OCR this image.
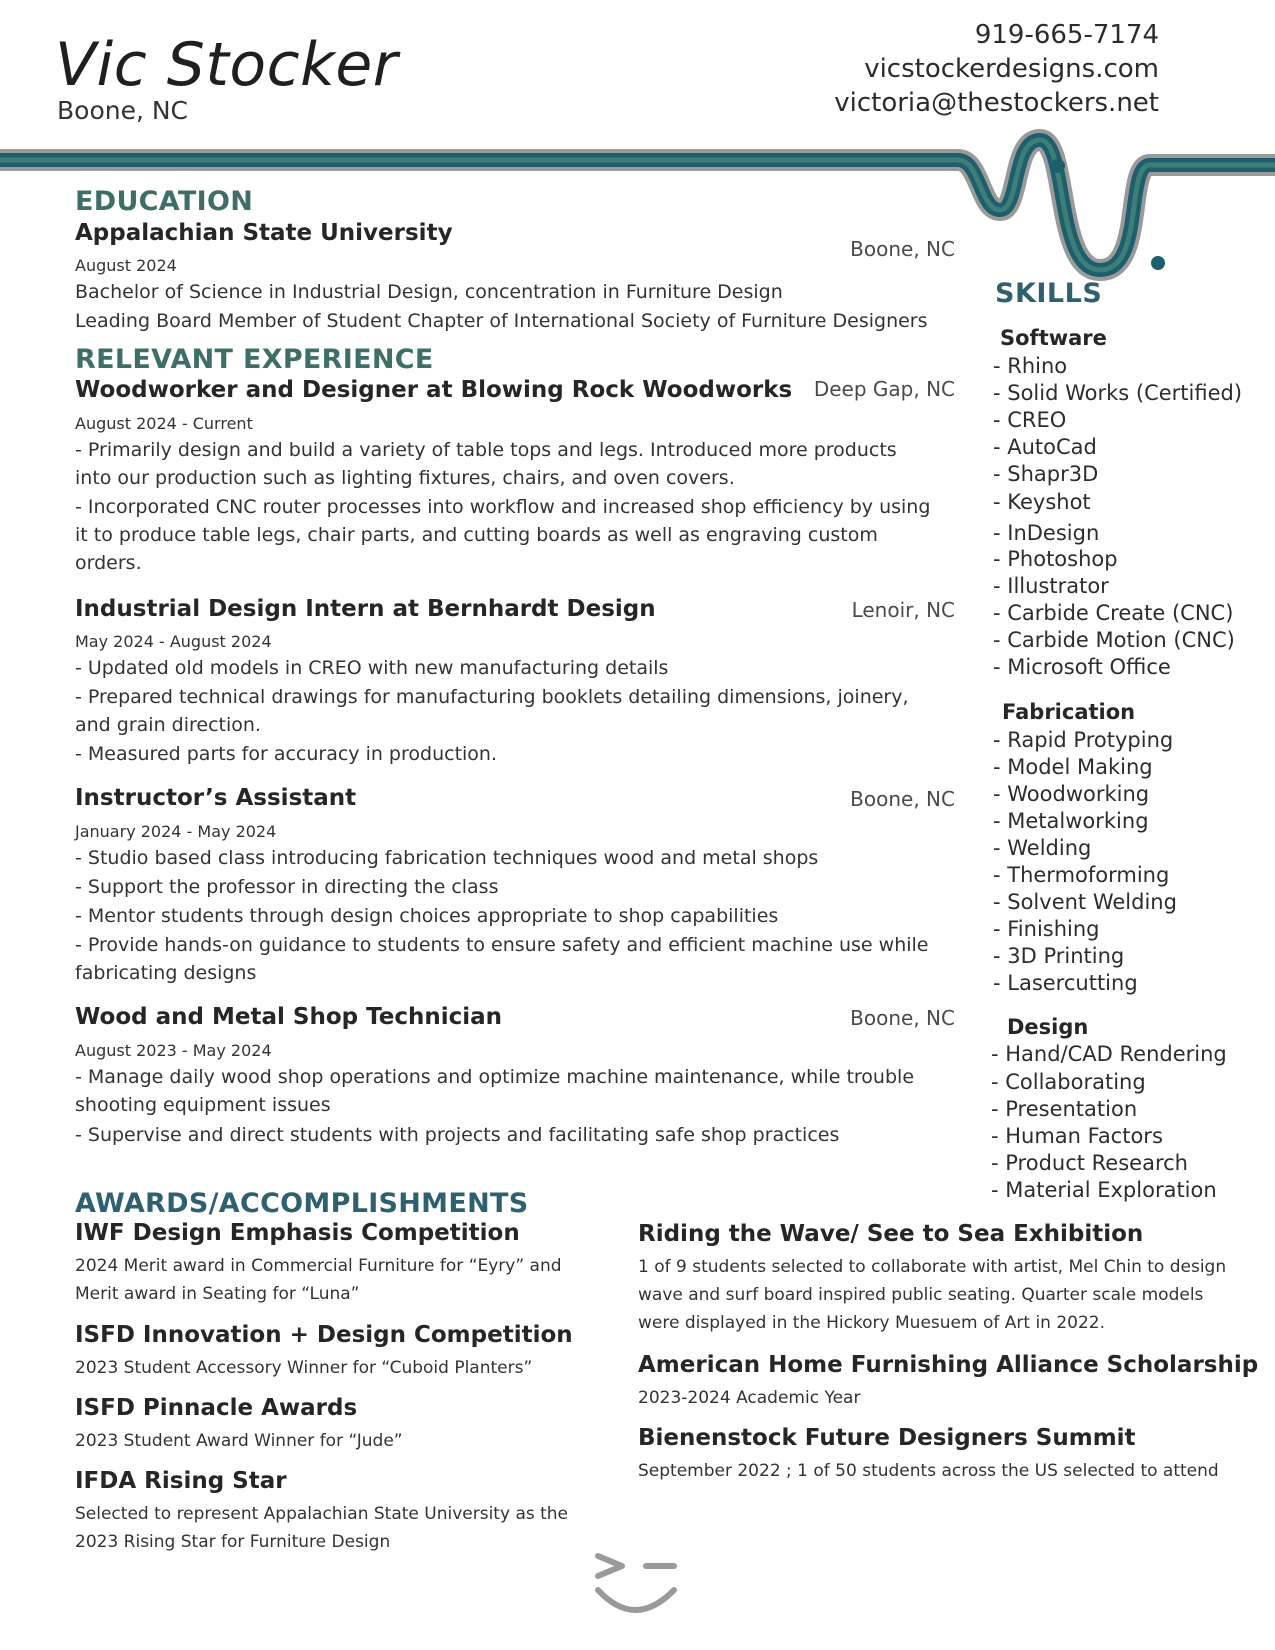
Vic Stocker
Boone, NC
919-665-7174
vicstockerdesigns.com
victoria@thestockers.net
EDUCATION
Appalachian State University
Boone, NC
August 2024
Bachelor of Science in Industrial Design, concentration in Furniture Design
Leading Board Member of Student Chapter of International Society of Furniture Designers
RELEVANT EXPERIENCE
Woodworker and Designer at Blowing Rock Woodworks Deep Gap, NC
August 2024 - Current
- Primarily design and build a variety of table tops and legs. Introduced more products into our production such as lighting fixtures, chairs, and oven covers.
- Incorporated CNC router processes into workflow and increased shop efficiency by using it to produce table legs, chair parts, and cutting boards as well as engraving custom orders.
Industrial Design Intern at Bernhardt Design	Lenoir, NC
May 2024 - August 2024
- Updated old models in CREO with new manufacturing details
- Prepared technical drawings for manufacturing booklets detailing dimensions, joinery, and grain direction.
- Measured parts for accuracy in production.
Instructor’s Assistant	Boone, NC
January 2024 - May 2024
- Studio based class introducing fabrication techniques wood and metal shops
- Support the professor in directing the class
- Mentor students through design choices appropriate to shop capabilities
- Provide hands-on guidance to students to ensure safety and efficient machine use while fabricating designs
Wood and Metal Shop Technician	Boone, NC
August 2023 - May 2024
- Manage daily wood shop operations and optimize machine maintenance, while trouble shooting equipment issues
- Supervise and direct students with projects and facilitating safe shop practices
SKILLS
Software
- Rhino
- Solid Works (Certified)
- CREO
- AutoCad
- Shapr3D
- Keyshot
- InDesign
- Photoshop
- Illustrator
- Carbide Create (CNC)
- Carbide Motion (CNC)
- Microsoft Office
Fabrication
- Rapid Protyping
- Model Making
- Woodworking
- Metalworking
- Welding
- Thermoforming
- Solvent Welding
- Finishing
- 3D Printing
- Lasercutting
Design
- Hand/CAD Rendering
- Collaborating
- Presentation
- Human Factors
- Product Research
- Material Exploration
AWARDS/ACCOMPLISHMENTS
IWF Design Emphasis Competition
2024 Merit award in Commercial Furniture for “Eyry” and Merit award in Seating for “Luna”
ISFD Innovation + Design Competition
2023 Student Accessory Winner for “Cuboid Planters”
ISFD Pinnacle Awards
2023 Student Award Winner for “Jude”
IFDA Rising Star
Selected to represent Appalachian State University as the 2023 Rising Star for Furniture Design
Riding the Wave/ See to Sea Exhibition
1 of 9 students selected to collaborate with artist, Mel Chin to design wave and surf board inspired public seating. Quarter scale models were displayed in the Hickory Muesuem of Art in 2022.
American Home Furnishing Alliance Scholarship
2023-2024 Academic Year
Bienenstock Future Designers Summit
September 2022 ; 1 of 50 students across the US selected to attend
